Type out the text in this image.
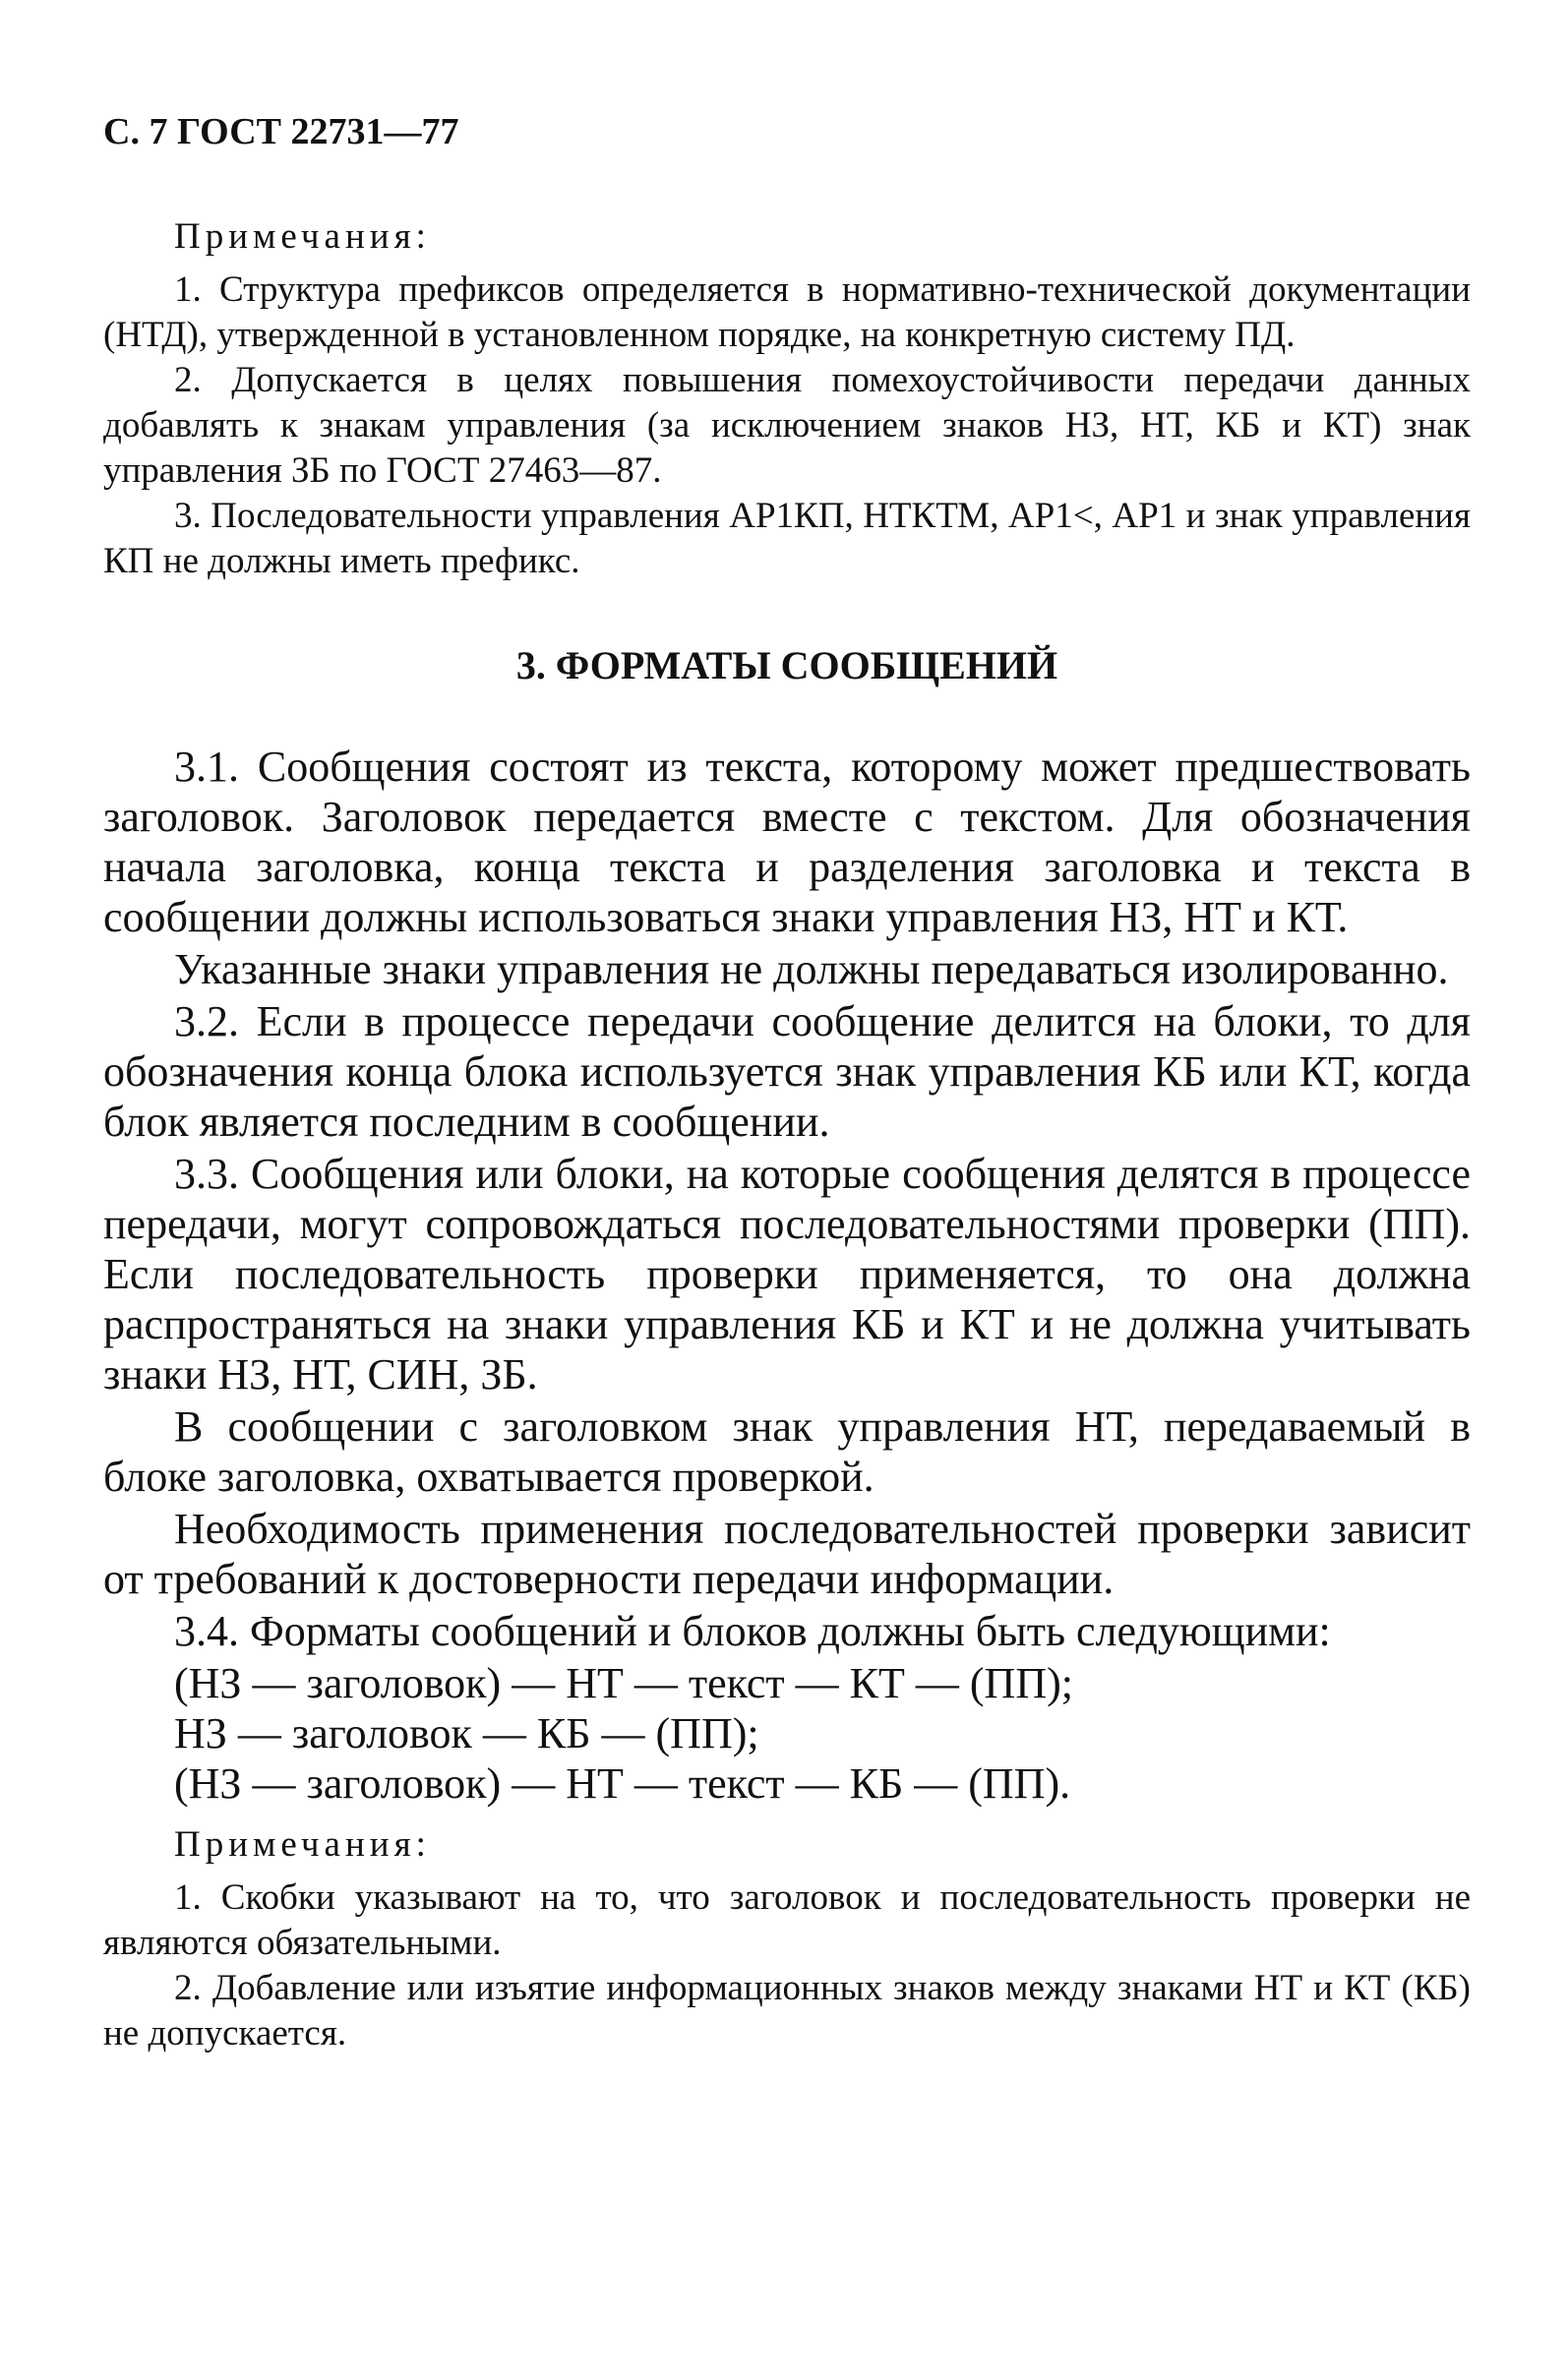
С. 7 ГОСТ 22731—77
Примечания:

1. Структура префиксов определяется в нормативно-технической документации (НТД), утвержденной в установленном порядке, на конкретную систему ПД.

2. Допускается в целях повышения помехоустойчивости передачи данных добавлять к знакам управления (за исключением знаков НЗ, НТ, КБ и КТ) знак управления ЗБ по ГОСТ 27463—87.

3. Последовательности управления АР1КП, НТКТМ, АР1<, АР1 и знак управления КП не должны иметь префикс.

3. ФОРМАТЫ СООБЩЕНИЙ

3.1. Сообщения состоят из текста, которому может предшествовать заголовок. Заголовок передается вместе с текстом. Для обозначения начала заголовка, конца текста и разделения заголовка и текста в сообщении должны использоваться знаки управления НЗ, НТ и КТ.

Указанные знаки управления не должны передаваться изолированно.

3.2. Если в процессе передачи сообщение делится на блоки, то для обозначения конца блока используется знак управления КБ или КТ, когда блок является последним в сообщении.

3.3. Сообщения или блоки, на которые сообщения делятся в процессе передачи, могут сопровождаться последовательностями проверки (ПП). Если последовательность проверки применяется, то она должна распространяться на знаки управления КБ и КТ и не должна учитывать знаки НЗ, НТ, СИН, ЗБ.

В сообщении с заголовком знак управления НТ, передаваемый в блоке заголовка, охватывается проверкой.

Необходимость применения последовательностей проверки зависит от требований к достоверности передачи информации.

3.4. Форматы сообщений и блоков должны быть следующими:

(НЗ — заголовок) — НТ — текст — КТ — (ПП);

НЗ — заголовок — КБ — (ПП);

(НЗ — заголовок) — НТ — текст — КБ — (ПП).

Примечания:

1. Скобки указывают на то, что заголовок и последовательность проверки не являются обязательными.

2. Добавление или изъятие информационных знаков между знаками НТ и КТ (КБ) не допускается.
